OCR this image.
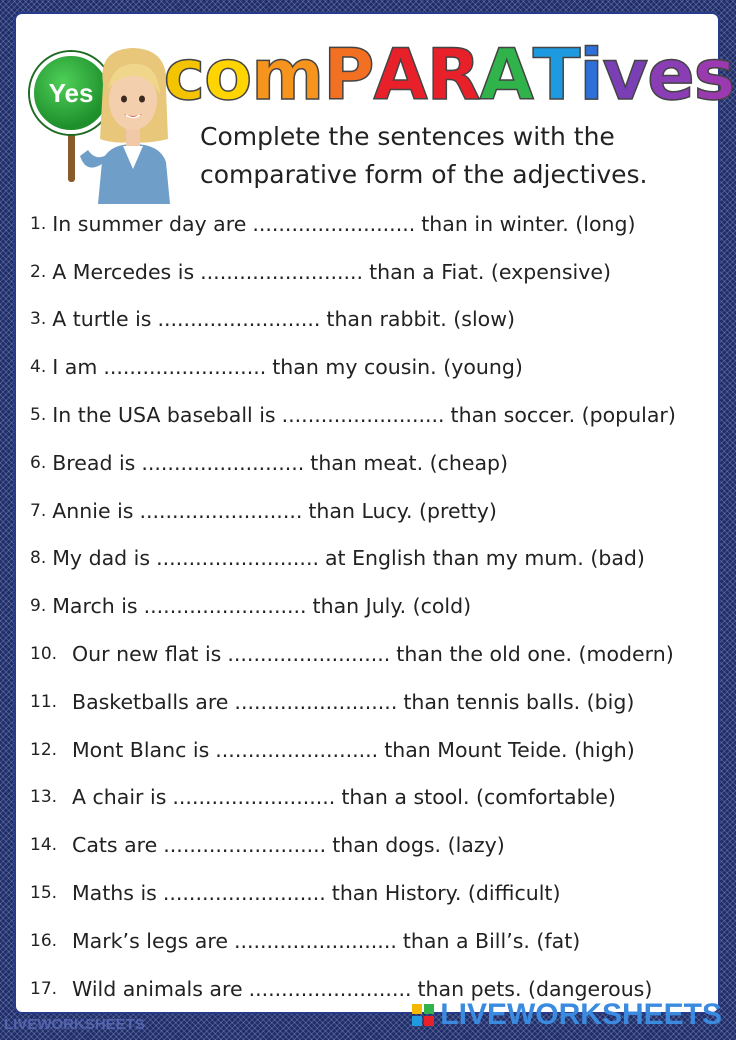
Yes c o m P A R A T i v e s
Complete the sentences with the comparative form of the adjectives.
1. In summer day are ......................... than in winter. (long)
2. A Mercedes is ......................... than a Fiat. (expensive)
3. A turtle is ......................... than rabbit. (slow)
4. I am ......................... than my cousin. (young)
5. In the USA baseball is ......................... than soccer. (popular)
6. Bread is ......................... than meat. (cheap)
7. Annie is ......................... than Lucy. (pretty)
8. My dad is ......................... at English than my mum. (bad)
9. March is ......................... than July. (cold)
10. Our new flat is ......................... than the old one. (modern)
11. Basketballs are ......................... than tennis balls. (big)
12. Mont Blanc is ......................... than Mount Teide. (high)
13. A chair is ......................... than a stool. (comfortable)
14. Cats are ......................... than dogs. (lazy)
15. Maths is ......................... than History. (difficult)
16. Mark’s legs are ......................... than a Bill’s. (fat)
17. Wild animals are ......................... than pets. (dangerous)
LIVEWORKSHEETS	LIVEWORKSHEETS
